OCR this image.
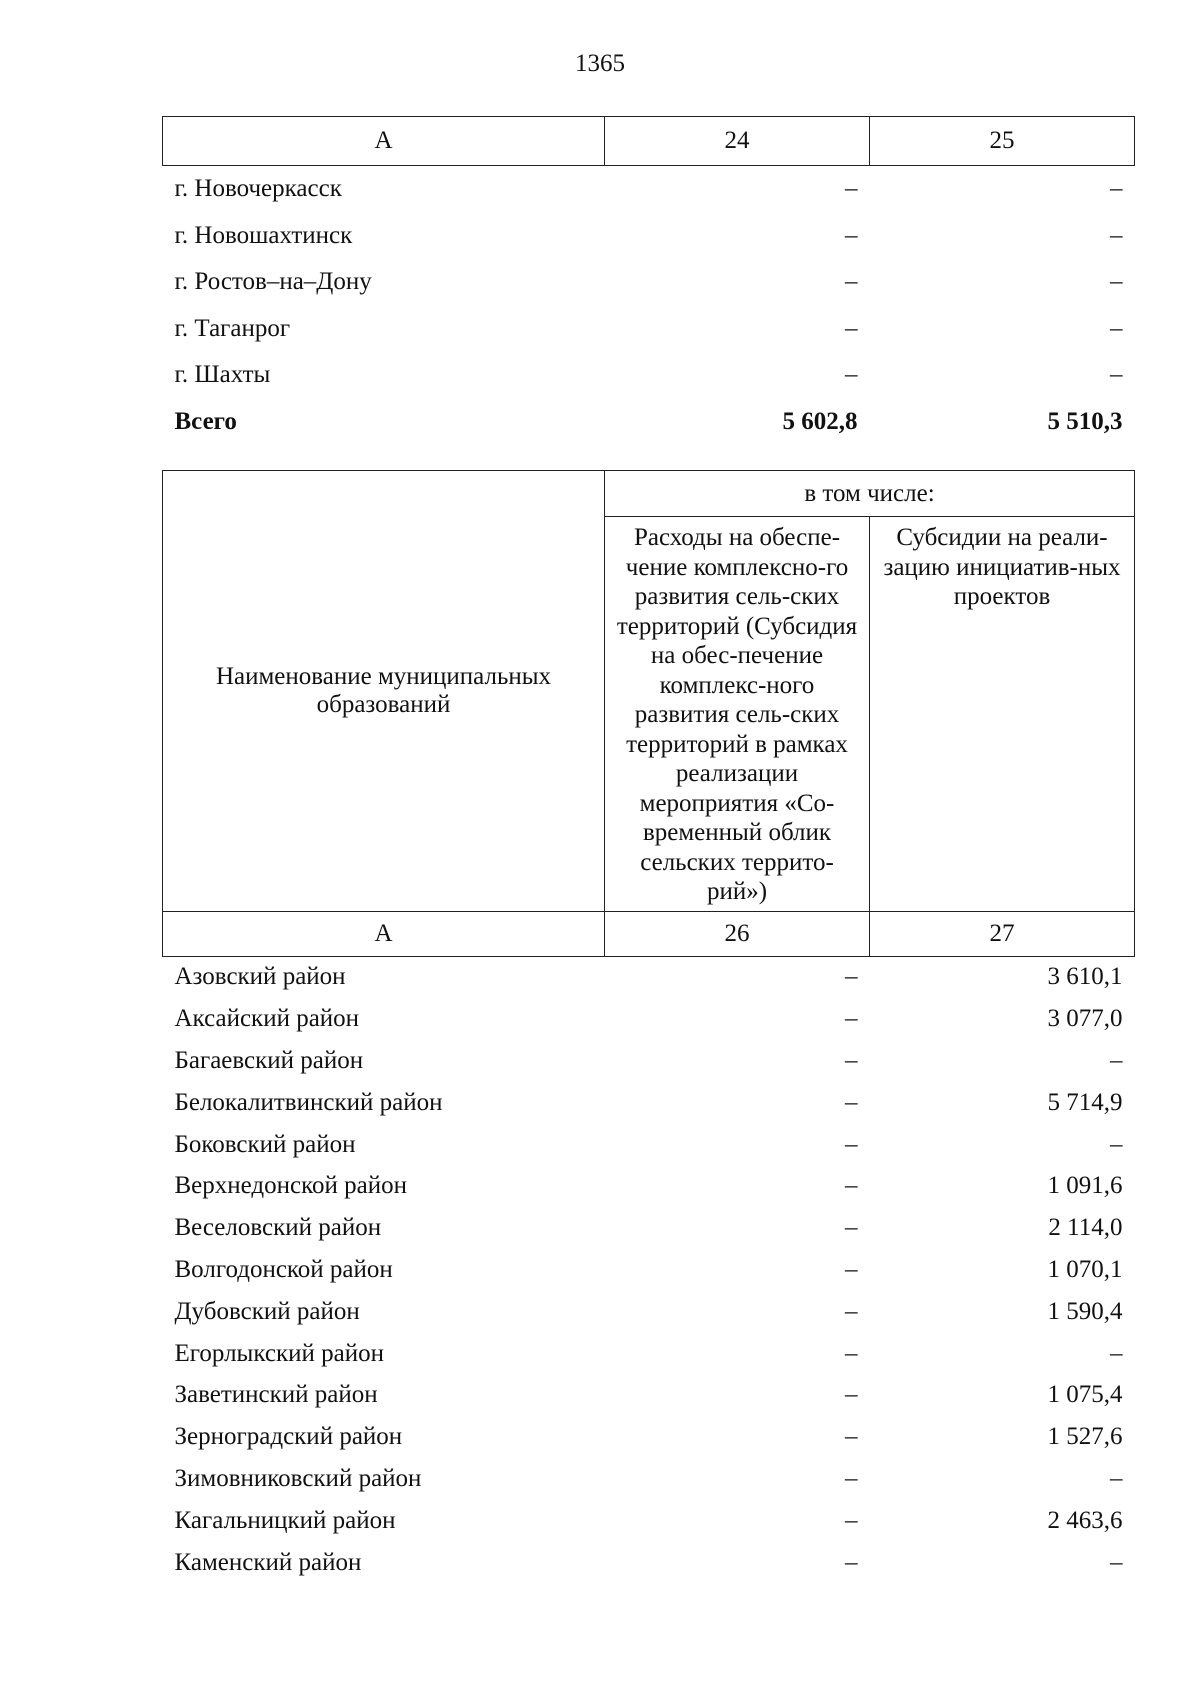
1365
А	24	25
г. Новочеркасск	–	–
г. Новошахтинск	–	–
г. Ростов–на–Дону	–	–
г. Таганрог	–	–
г. Шахты	–	–
Всего	5 602,8	5 510,3
Наименование муниципальных образований	в том числе:	
	Расходы на обеспе-чение комплексно-го развития сель-ских территорий (Субсидия на обес-печение комплекс-ного развития сель-ских территорий в рамках реализации мероприятия «Со-временный облик сельских террито-рий»)	Субсидии на реали-зацию инициатив-ных проектов
А	26	27
Азовский район	–	3 610,1
Аксайский район	–	3 077,0
Багаевский район	–	–
Белокалитвинский район	–	5 714,9
Боковский район	–	–
Верхнедонской район	–	1 091,6
Веселовский район	–	2 114,0
Волгодонской район	–	1 070,1
Дубовский район	–	1 590,4
Егорлыкский район	–	–
Заветинский район	–	1 075,4
Зерноградский район	–	1 527,6
Зимовниковский район	–	–
Кагальницкий район	–	2 463,6
Каменский район	–	–
